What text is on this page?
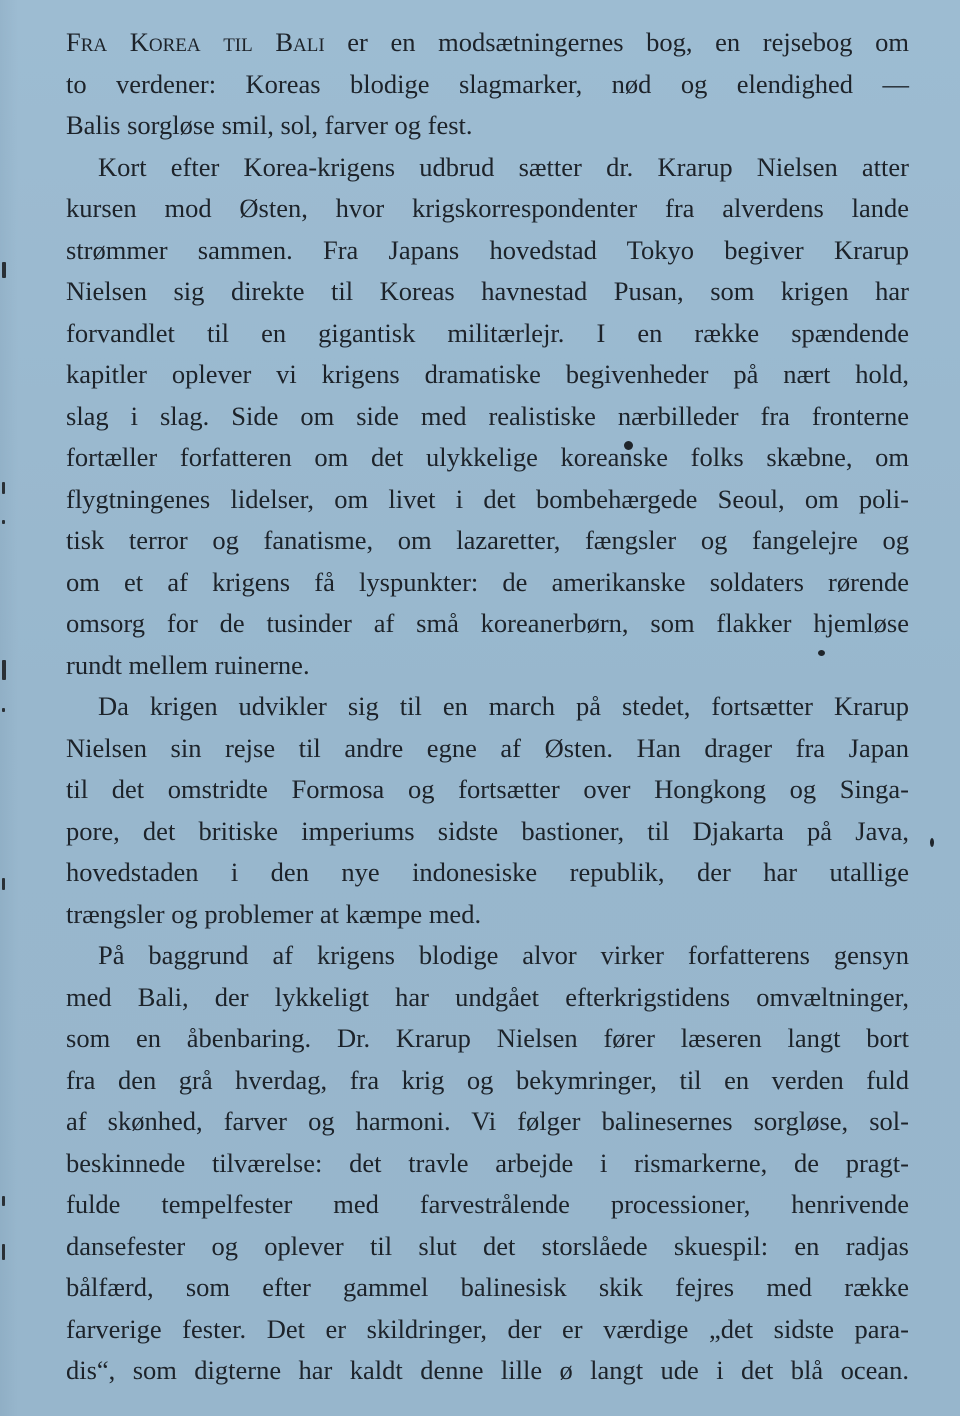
Fra Korea til Bali er en modsætningernes bog, en rejsebog om
to verdener: Koreas blodige slagmarker, nød og elendighed —
Balis sorgløse smil, sol, farver og fest.

Kort efter Korea-krigens udbrud sætter dr. Krarup Nielsen atter
kursen mod Østen, hvor krigskorrespondenter fra alverdens lande
strømmer sammen. Fra Japans hovedstad Tokyo begiver Krarup
Nielsen sig direkte til Koreas havnestad Pusan, som krigen har
forvandlet til en gigantisk militærlejr. I en række spændende
kapitler oplever vi krigens dramatiske begivenheder på nært hold,
slag i slag. Side om side med realistiske nærbilleder fra fronterne
fortæller forfatteren om det ulykkelige koreanske folks skæbne, om
flygtningenes lidelser, om livet i det bombehærgede Seoul, om poli-
tisk terror og fanatisme, om lazaretter, fængsler og fangelejre og
om et af krigens få lyspunkter: de amerikanske soldaters rørende
omsorg for de tusinder af små koreanerbørn, som flakker hjemløse
rundt mellem ruinerne.

Da krigen udvikler sig til en march på stedet, fortsætter Krarup
Nielsen sin rejse til andre egne af Østen. Han drager fra Japan
til det omstridte Formosa og fortsætter over Hongkong og Singa-
pore, det britiske imperiums sidste bastioner, til Djakarta på Java,
hovedstaden i den nye indonesiske republik, der har utallige
trængsler og problemer at kæmpe med.

På baggrund af krigens blodige alvor virker forfatterens gensyn
med Bali, der lykkeligt har undgået efterkrigstidens omvæltninger,
som en åbenbaring. Dr. Krarup Nielsen fører læseren langt bort
fra den grå hverdag, fra krig og bekymringer, til en verden fuld
af skønhed, farver og harmoni. Vi følger balinesernes sorgløse, sol-
beskinnede tilværelse: det travle arbejde i rismarkerne, de pragt-
fulde tempelfester med farvestrålende processioner, henrivende
dansefester og oplever til slut det storslåede skuespil: en radjas
bålfærd, som efter gammel balinesisk skik fejres med række
farverige fester. Det er skildringer, der er værdige „det sidste para-
dis“, som digterne har kaldt denne lille ø langt ude i det blå ocean.
